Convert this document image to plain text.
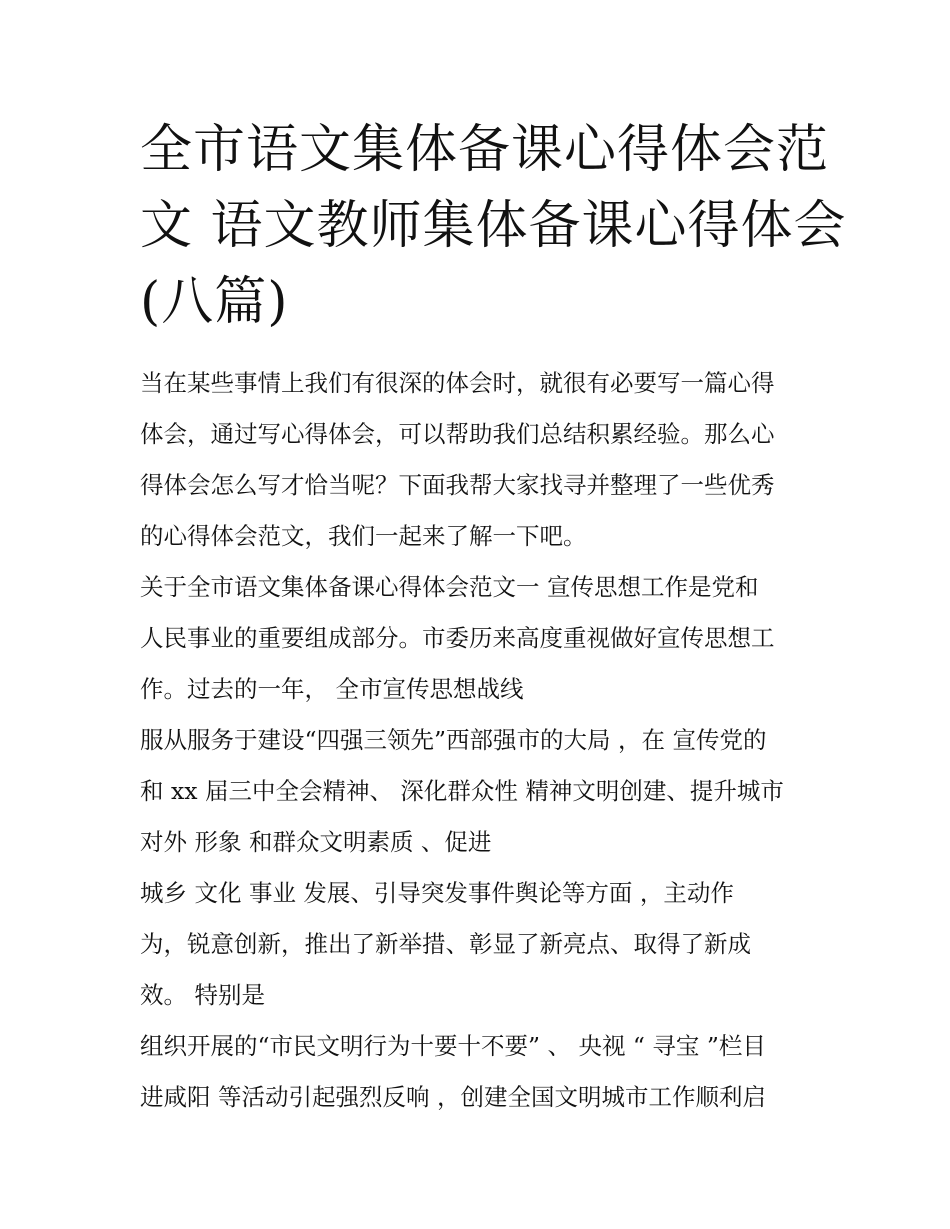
全市语文集体备课心得体会范
文 语文教师集体备课心得体会
(八篇)
当在某些事情上我们有很深的体会时，就很有必要写一篇心得
体会，通过写心得体会，可以帮助我们总结积累经验。那么心
得体会怎么写才恰当呢？下面我帮大家找寻并整理了一些优秀
的心得体会范文，我们一起来了解一下吧。
关于全市语文集体备课心得体会范文一 宣传思想工作是党和
人民事业的重要组成部分。市委历来高度重视做好宣传思想工
作。过去的一年， 全市宣传思想战线
服从服务于建设“四强三领先”西部强市的大局 ，在 宣传党的
和 xx 届三中全会精神、 深化群众性 精神文明创建、提升城市
对外 形象 和群众文明素质 、促进
城乡 文化 事业 发展、引导突发事件舆论等方面 ，主动作
为，锐意创新，推出了新举措、彰显了新亮点、取得了新成
效。 特别是
组织开展的“市民文明行为十要十不要” 、 央视 “ 寻宝 ”栏目
进咸阳 等活动引起强烈反响 ，创建全国文明城市工作顺利启
